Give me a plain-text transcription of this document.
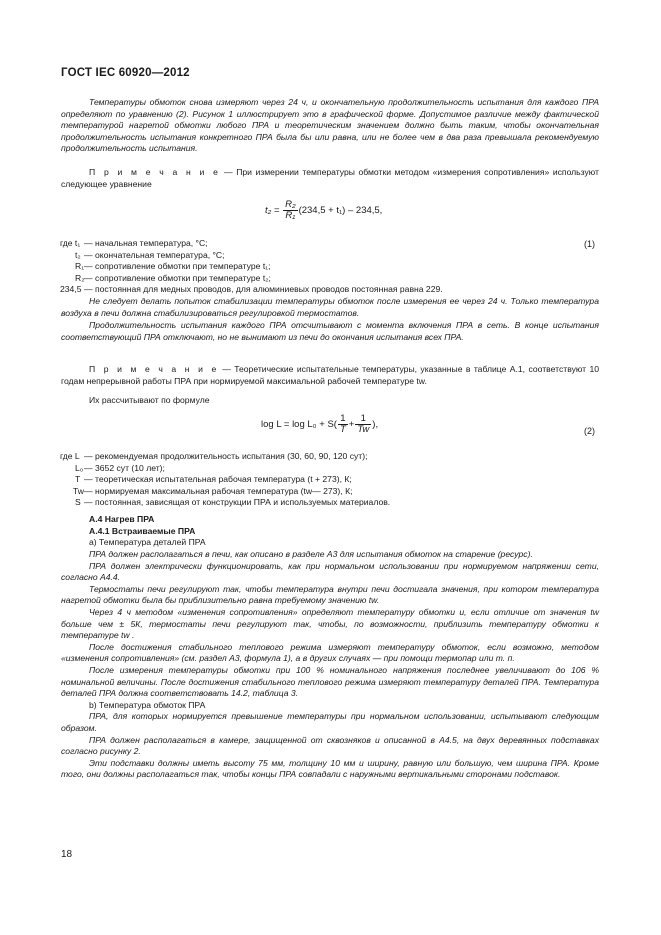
ГОСТ IEC 60920—2012

Температуры обмоток снова измеряют через 24 ч, и окончательную продолжительность испытания для каждого ПРА определяют по уравнению (2). Рисунок 1 иллюстрирует это в графической форме. Допустимое различие между фактической температурой нагретой обмотки любого ПРА и теоретическим значением должно быть таким, чтобы окончательная продолжительность испытания конкретного ПРА была бы или равна, или не более чем в два раза превышала рекомендуемую продолжительность испытания.

П р и м е ч а н и е — При измерении температуры обмотки методом «измерения сопротивления» используют следующее уравнение

$t_2 = \frac{\text{R₂}}{\text{R₁}} (234,5 + t_1) - 234,5$,
(1)
где t₁ — начальная температура, °С;
t₂ — окончательная температура, °С;
R₁ — сопротивление обмотки при температуре t₁;
R₂ — сопротивление обмотки при температуре t₂;
234,5 — постоянная для медных проводов, для алюминиевых проводов постоянная равна 229.

Не следует делать попыток стабилизации температуры обмоток после измерения ее через 24 ч. Только температура воздуха в печи должна стабилизироваться регулировкой термостатов.

Продолжительность испытания каждого ПРА отсчитывают с момента включения ПРА в сеть. В конце испытания соответствующий ПРА отключают, но не вынимают из печи до окончания испытания всех ПРА.

П р и м е ч а н и е — Теоретические испытательные температуры, указанные в таблице А.1, соответствуют 10 годам непрерывной работы ПРА при нормируемой максимальной рабочей температуре tw.

Их рассчитывают по формуле

$\log L = \log L_0 + S( \frac{1}{T} + \frac{1}{Tw}$ ),
(2)
где L — рекомендуемая продолжительность испытания (30, 60, 90, 120 сут);
L₀ — 3652 сут (10 лет);
T — теоретическая испытательная рабочая температура (t + 273), К;
Tw — нормируемая максимальная рабочая температура (tw— 273), К;
S — постоянная, зависящая от конструкции ПРА и используемых материалов.

А.4 Нагрев ПРА

А.4.1 Встраиваемые ПРА

a) Температура деталей ПРА

ПРА должен располагаться в печи, как описано в разделе А3 для испытания обмоток на старение (ресурс).

ПРА должен электрически функционировать, как при нормальном использовании при нормируемом напряжении сети, согласно А4.4.

Термостаты печи регулируют так, чтобы температура внутри печи достигала значения, при котором температура нагретой обмотки была бы приблизительно равна требуемому значению tw.

Через 4 ч методом «изменения сопротивления» определяют температуру обмотки и, если отличие от значения tw больше чем ± 5К, термостаты печи регулируют так, чтобы, по возможности, приблизить температуру обмотки к температуре tw .

После достижения стабильного теплового режима измеряют температуру обмоток, если возможно, методом «изменения сопротивления» (см. раздел А3, формула 1), а в других случаях — при помощи термопар или т. п.

После измерения температуры обмотки при 100 % номинального напряжения последнее увеличивают до 106 % номинальной величины. После достижения стабильного теплового режима измеряют температуру деталей ПРА. Температура деталей ПРА должна соответствовать 14.2, таблица 3.

b) Температура обмоток ПРА

ПРА, для которых нормируется превышение температуры при нормальном использовании, испытывают следующим образом.

ПРА должен располагаться в камере, защищенной от сквозняков и описанной в А4.5, на двух деревянных подставках согласно рисунку 2.

Эти подставки должны иметь высоту 75 мм, толщину 10 мм и ширину, равную или большую, чем ширина ПРА. Кроме того, они должны располагаться так, чтобы концы ПРА совпадали с наружными вертикальными сторонами подставок.

18
